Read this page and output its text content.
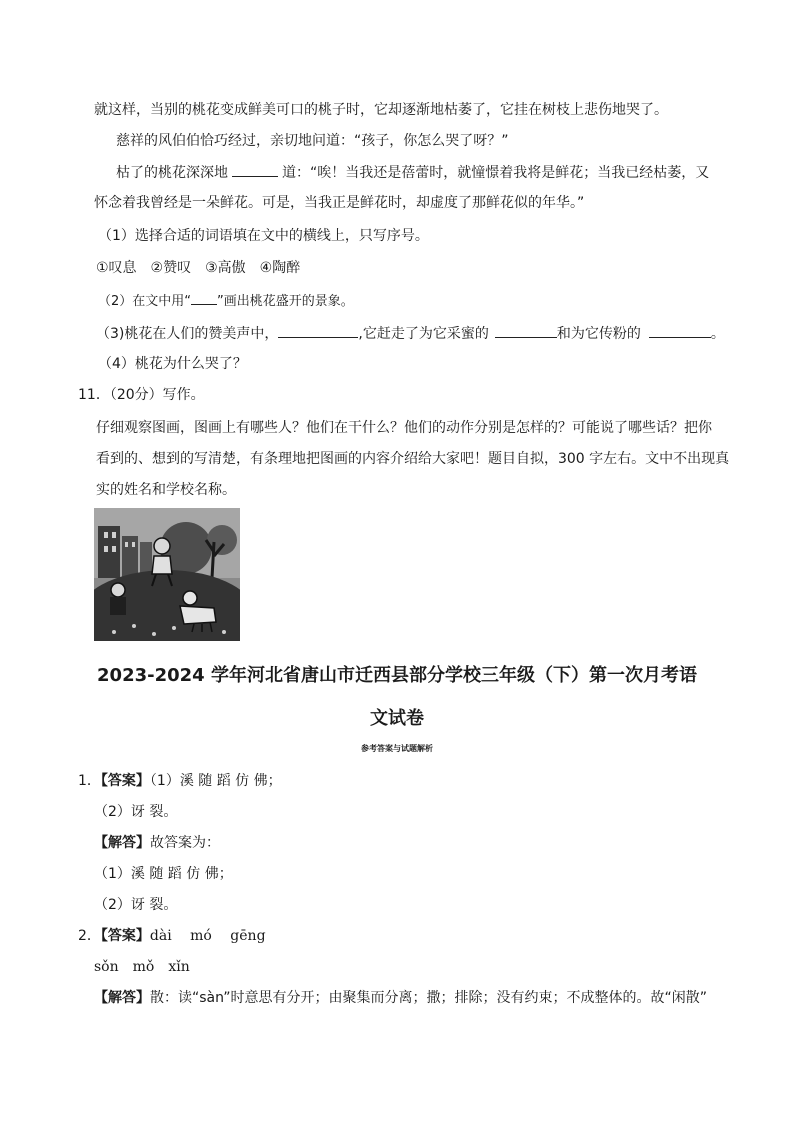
就这样，当别的桃花变成鲜美可口的桃子时，它却逐渐地枯萎了，它挂在树枝上悲伤地哭了。
慈祥的风伯伯恰巧经过，亲切地问道：“孩子，你怎么哭了呀？”
枯了的桃花深深地	道：“唉！当我还是蓓蕾时，就憧憬着我将是鲜花；当我已经枯萎，又
怀念着我曾经是一朵鲜花。可是，当我正是鲜花时，却虚度了那鲜花似的年华。”
（1）选择合适的词语填在文中的横线上，只写序号。
①叹息　②赞叹　③高傲　④陶醉
（2）在文中用“ ”画出桃花盛开的景象。
（3)桃花在人们的赞美声中，	,它赶走了为它采蜜的	和为它传粉的	。
（4）桃花为什么哭了？
11．（20分）写作。
仔细观察图画，图画上有哪些人？他们在干什么？他们的动作分别是怎样的？可能说了哪些话？把你
看到的、想到的写清楚，有条理地把图画的内容介绍给大家吧！题目自拟，300 字左右。文中不出现真
实的姓名和学校名称。
2023-2024 学年河北省唐山市迁西县部分学校三年级（下）第一次月考语
文试卷
参考答案与试题解析
1．【答案】（1）溪 随 蹈 仿 佛；
（2）讶 裂。
【解答】故答案为：
（1）溪 随 蹈 仿 佛；
（2）讶 裂。
2．【答案】dài　 mó　 gēng
sǒn　mǒ　xǐn
【解答】散：读“sàn”时意思有分开；由聚集而分离；撒；排除；没有约束；不成整体的。故“闲散”
